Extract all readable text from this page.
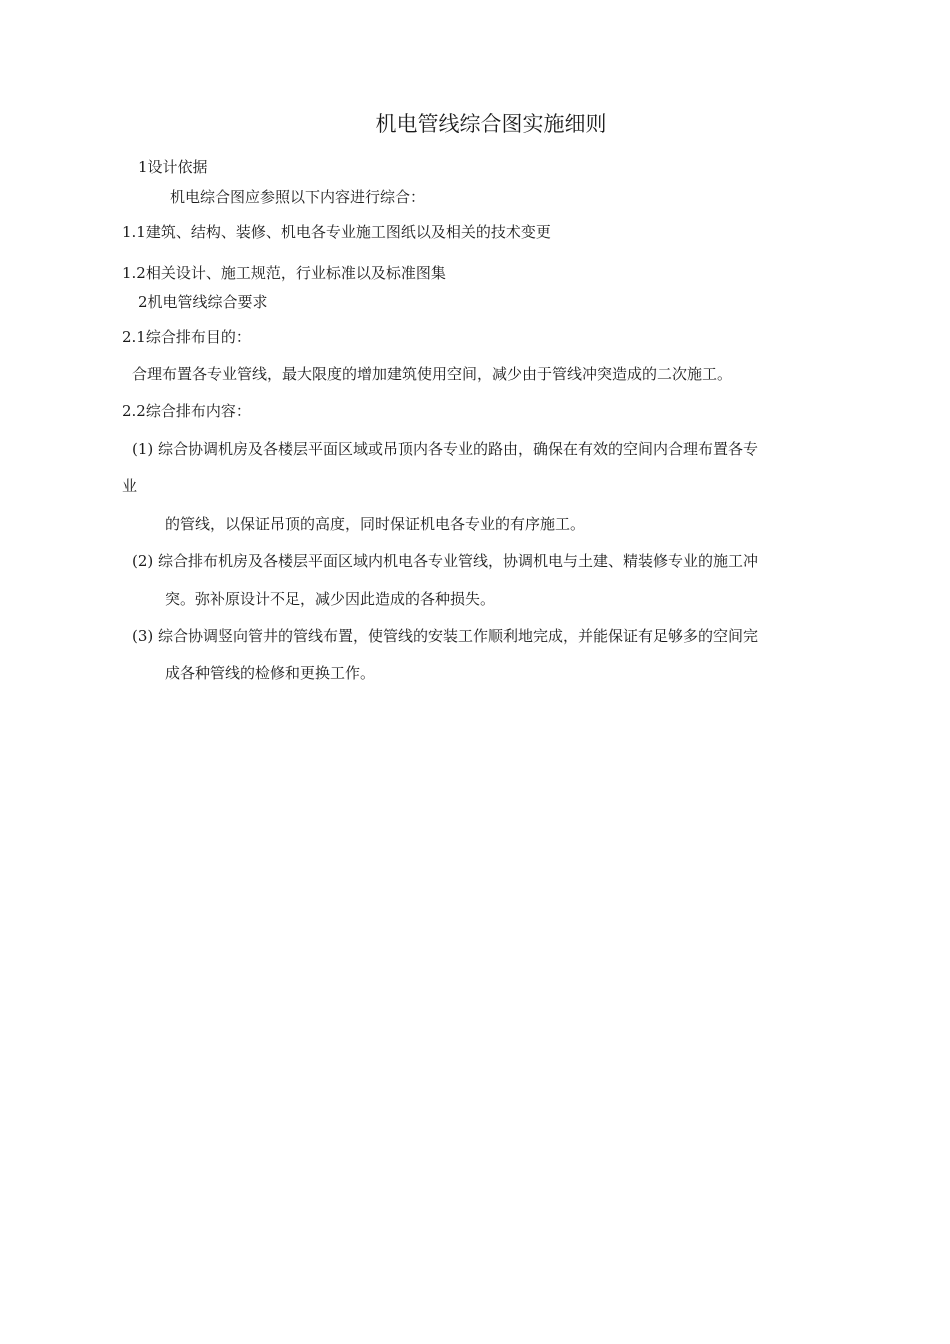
机电管线综合图实施细则
1设计依据
机电综合图应参照以下内容进行综合：
1.1建筑、结构、装修、机电各专业施工图纸以及相关的技术变更
1.2相关设计、施工规范，行业标准以及标准图集
2机电管线综合要求
2.1综合排布目的：
合理布置各专业管线，最大限度的增加建筑使用空间，减少由于管线冲突造成的二次施工。
2.2综合排布内容：
(1) 综合协调机房及各楼层平面区域或吊顶内各专业的路由，确保在有效的空间内合理布置各专
业
的管线，以保证吊顶的高度，同时保证机电各专业的有序施工。
(2) 综合排布机房及各楼层平面区域内机电各专业管线，协调机电与土建、精装修专业的施工冲
突。弥补原设计不足，减少因此造成的各种损失。
(3) 综合协调竖向管井的管线布置，使管线的安装工作顺利地完成，并能保证有足够多的空间完
成各种管线的检修和更换工作。
